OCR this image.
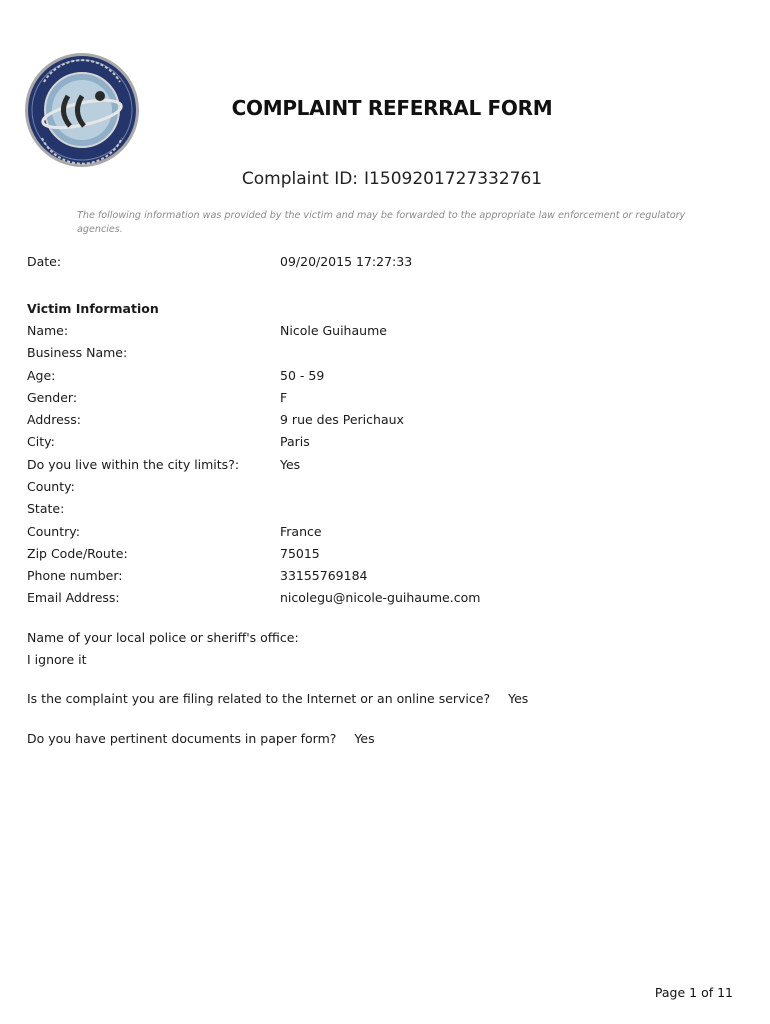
COMPLAINT REFERRAL FORM
Complaint ID: I1509201727332761
The following information was provided by the victim and may be forwarded to the appropriate law enforcement or regulatory agencies.
Date:	09/20/2015 17:27:33
Victim Information
Name:	Nicole Guihaume
Business Name:
Age:	50 - 59
Gender:	F
Address:	9 rue des Perichaux
City:	Paris
Do you live within the city limits?:	Yes
County:
State:
Country:	France
Zip Code/Route:	75015
Phone number:	33155769184
Email Address:	nicolegu@nicole-guihaume.com
Name of your local police or sheriff's office:
I ignore it
Is the complaint you are filing related to the Internet or an online service? Yes
Do you have pertinent documents in paper form? Yes
Page 1 of 11
